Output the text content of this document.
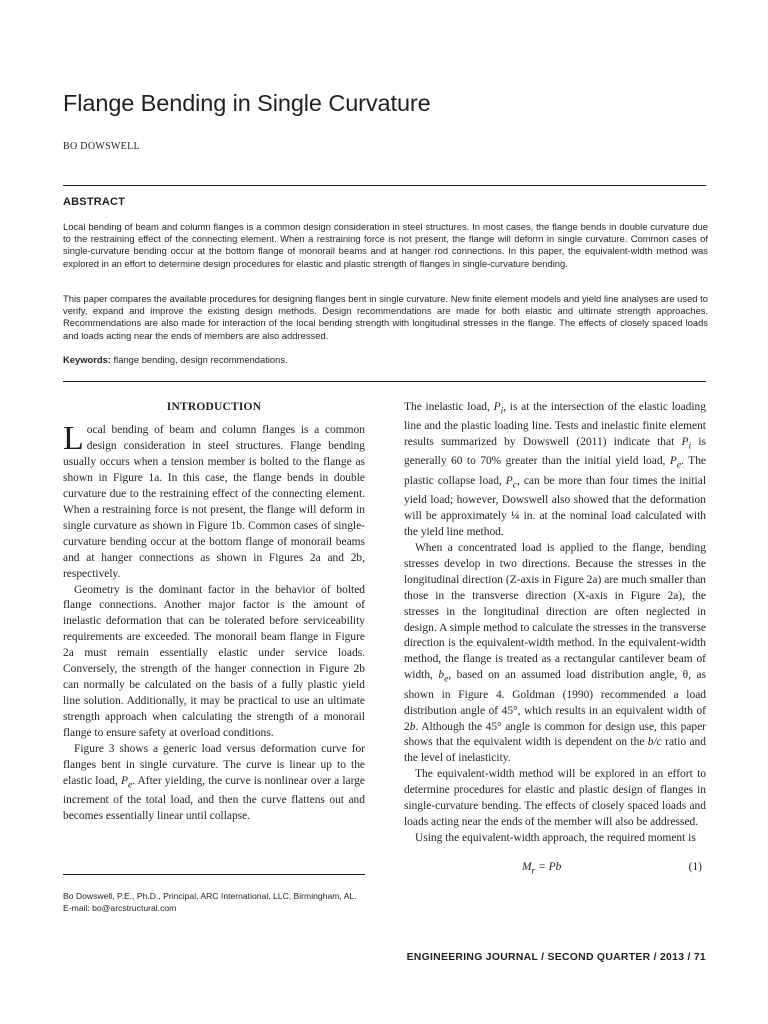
Flange Bending in Single Curvature
BO DOWSWELL
ABSTRACT

Local bending of beam and column flanges is a common design consideration in steel structures. In most cases, the flange bends in double curvature due to the restraining effect of the connecting element. When a restraining force is not present, the flange will deform in single curvature. Common cases of single-curvature bending occur at the bottom flange of monorail beams and at hanger rod connections. In this paper, the equivalent-width method was explored in an effort to determine design procedures for elastic and plastic strength of flanges in single-curvature bending.

This paper compares the available procedures for designing flanges bent in single curvature. New finite element models and yield line analyses are used to verify, expand and improve the existing design methods. Design recommendations are made for both elastic and ultimate strength approaches. Recommendations are also made for interaction of the local bending strength with longitudinal stresses in the flange. The effects of closely spaced loads and loads acting near the ends of members are also addressed.

Keywords: flange bending, design recommendations.

INTRODUCTION

Local bending of beam and column flanges is a common design consideration in steel structures. Flange bending usually occurs when a tension member is bolted to the flange as shown in Figure 1a. In this case, the flange bends in double curvature due to the restraining effect of the connecting element. When a restraining force is not present, the flange will deform in single curvature as shown in Figure 1b. Common cases of single-curvature bending occur at the bottom flange of monorail beams and at hanger connections as shown in Figures 2a and 2b, respectively.

Geometry is the dominant factor in the behavior of bolted flange connections. Another major factor is the amount of inelastic deformation that can be tolerated before serviceability requirements are exceeded. The monorail beam flange in Figure 2a must remain essentially elastic under service loads. Conversely, the strength of the hanger connection in Figure 2b can normally be calculated on the basis of a fully plastic yield line solution. Additionally, it may be practical to use an ultimate strength approach when calculating the strength of a monorail flange to ensure safety at overload conditions.

Figure 3 shows a generic load versus deformation curve for flanges bent in single curvature. The curve is linear up to the elastic load, $P_e$. After yielding, the curve is nonlinear over a large increment of the total load, and then the curve flattens out and becomes essentially linear until collapse.

The inelastic load, $P_i$, is at the intersection of the elastic loading line and the plastic loading line. Tests and inelastic finite element results summarized by Dowswell (2011) indicate that $P_i$ is generally 60 to 70% greater than the initial yield load, $P_e$. The plastic collapse load, $P_c$, can be more than four times the initial yield load; however, Dowswell also showed that the deformation will be approximately ¼ in. at the nominal load calculated with the yield line method.

When a concentrated load is applied to the flange, bending stresses develop in two directions. Because the stresses in the longitudinal direction (Z-axis in Figure 2a) are much smaller than those in the transverse direction (X-axis in Figure 2a), the stresses in the longitudinal direction are often neglected in design. A simple method to calculate the stresses in the transverse direction is the equivalent-width method. In the equivalent-width method, the flange is treated as a rectangular cantilever beam of width, $b_e$, based on an assumed load distribution angle, θ, as shown in Figure 4. Goldman (1990) recommended a load distribution angle of 45°, which results in an equivalent width of 2b. Although the 45° angle is common for design use, this paper shows that the equivalent width is dependent on the b/c ratio and the level of inelasticity.

The equivalent-width method will be explored in an effort to determine procedures for elastic and plastic design of flanges in single-curvature bending. The effects of closely spaced loads and loads acting near the ends of the member will also be addressed.

Using the equivalent-width approach, the required moment is

$M_r = Pb$	(1)
Bo Dowswell, P.E., Ph.D., Principal, ARC International, LLC, Birmingham, AL.
E-mail: bo@arcstructural.com
ENGINEERING JOURNAL / SECOND QUARTER / 2013 / 71
